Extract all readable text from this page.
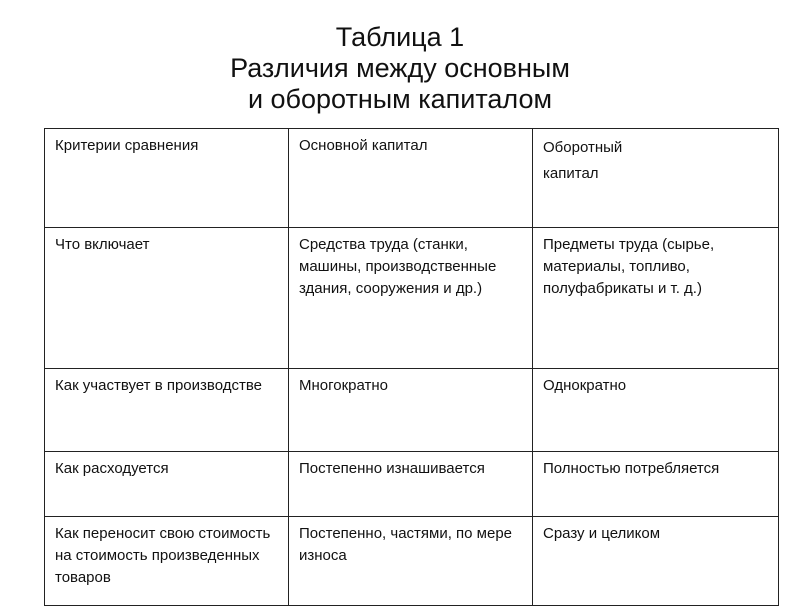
Таблица 1
Различия между основным
и оборотным капиталом
Критерии сравнения	Основной капитал	Оборотный
капитал

Что включает	Средства труда (станки, машины, производственные здания, сооружения и др.)	Предметы труда (сырье, материалы, топливо, полуфабрикаты и т. д.)

Как участвует в производстве	Многократно	Однократно

Как расходуется	Постепенно изнашивается	Полностью потребляется

Как переносит свою стоимость на стоимость произведенных товаров	Постепенно, частями, по мере износа	Сразу и целиком
